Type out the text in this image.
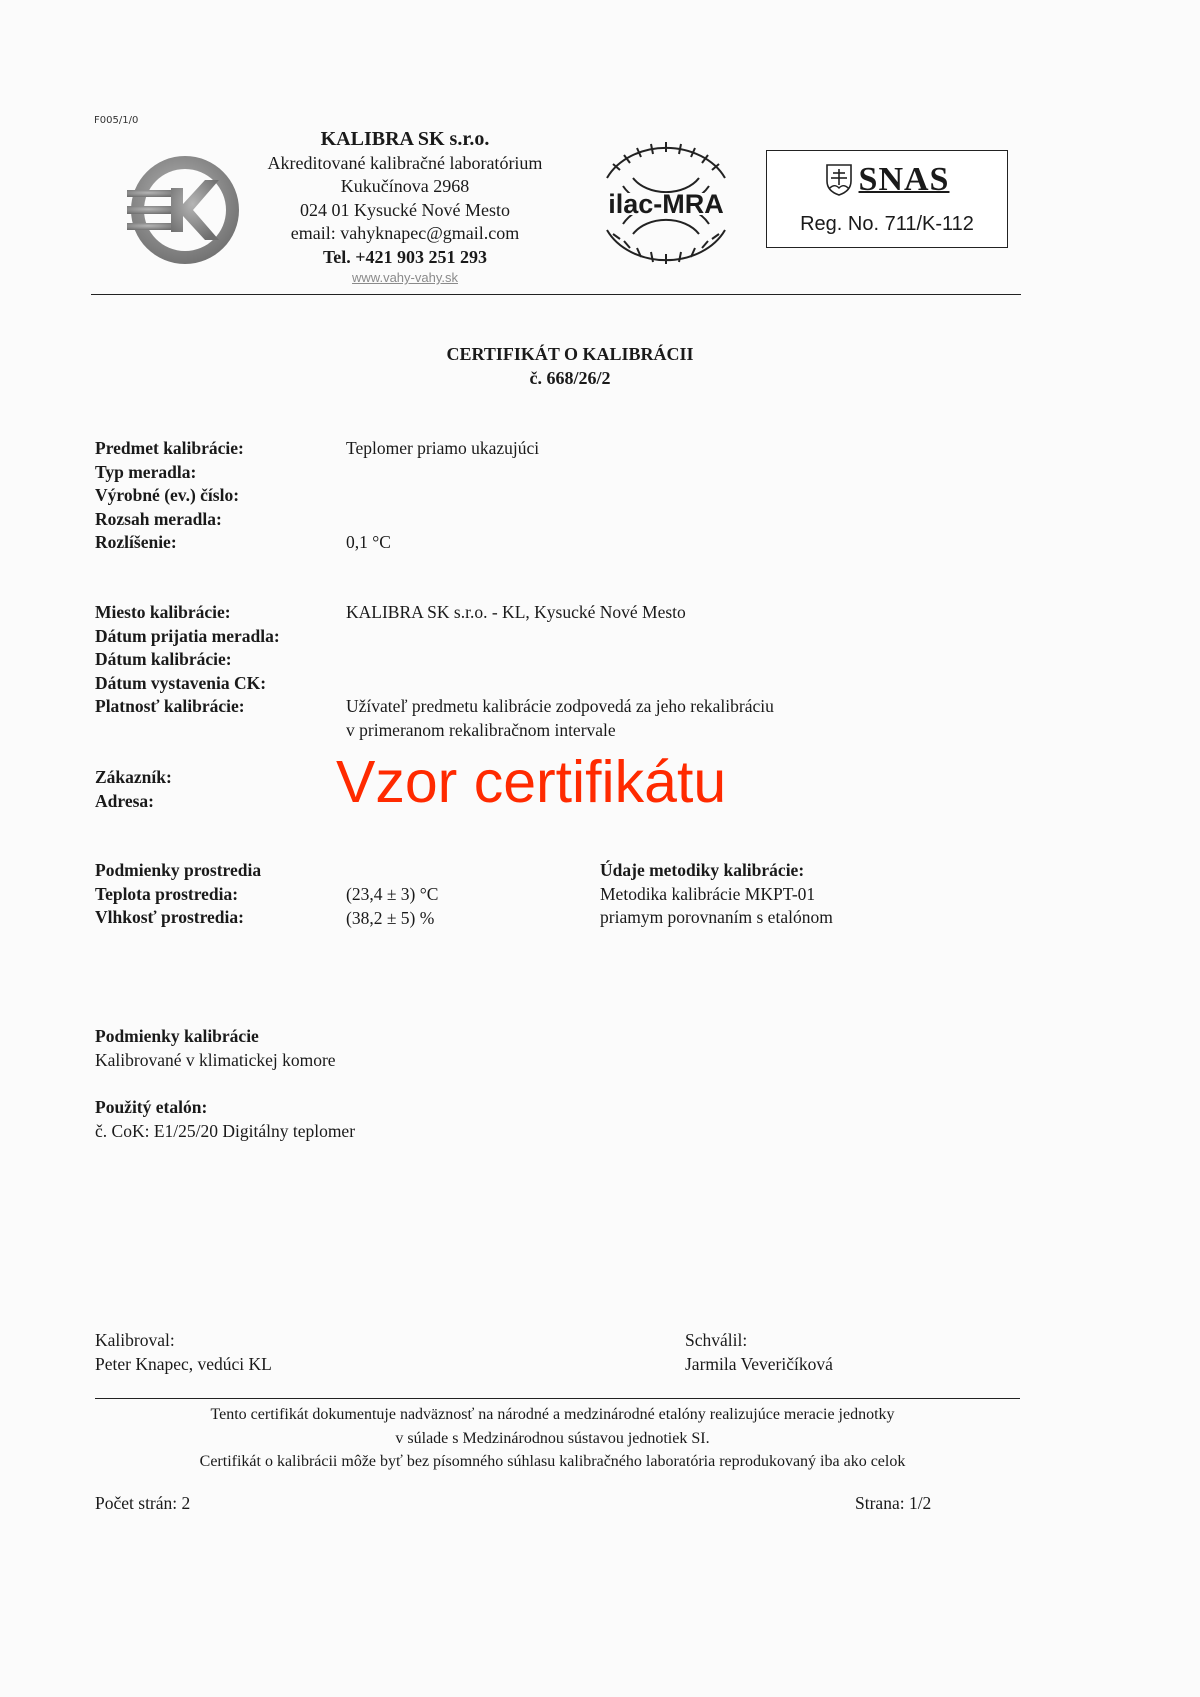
F005/1/0
KALIBRA SK s.r.o.
Akreditované kalibračné laboratórium
Kukučínova 2968
024 01 Kysucké Nové Mesto
email: vahyknapec@gmail.com
Tel. +421 903 251 293
www.vahy-vahy.sk
ilac-MRA
SNAS
Reg. No. 711/K-112
CERTIFIKÁT O KALIBRÁCII
č. 668/26/2
Predmet kalibrácie:
Typ meradla:
Výrobné (ev.) číslo:
Rozsah meradla:
Rozlíšenie:
Teplomer priamo ukazujúci
0,1 °C
Miesto kalibrácie:
Dátum prijatia meradla:
Dátum kalibrácie:
Dátum vystavenia CK:
Platnosť kalibrácie:
KALIBRA SK s.r.o. - KL, Kysucké Nové Mesto
Užívateľ predmetu kalibrácie zodpovedá za jeho rekalibráciu
v primeranom rekalibračnom intervale
Zákazník:
Adresa:	Vzor certifikátu
Podmienky prostredia
Teplota prostredia:
Vlhkosť prostredia:
(23,4 ± 3) °C
(38,2 ± 5) %
Údaje metodiky kalibrácie:
Metodika kalibrácie MKPT-01
priamym porovnaním s etalónom
Podmienky kalibrácie
Kalibrované v klimatickej komore
Použitý etalón:
č. CoK: E1/25/20 Digitálny teplomer
Kalibroval:
Peter Knapec, vedúci KL
Schválil:
Jarmila Veveričíková
Tento certifikát dokumentuje nadväznosť na národné a medzinárodné etalóny realizujúce meracie jednotky
v súlade s Medzinárodnou sústavou jednotiek SI.
Certifikát o kalibrácii môže byť bez písomného súhlasu kalibračného laboratória reprodukovaný iba ako celok
Počet strán: 2	Strana: 1/2
